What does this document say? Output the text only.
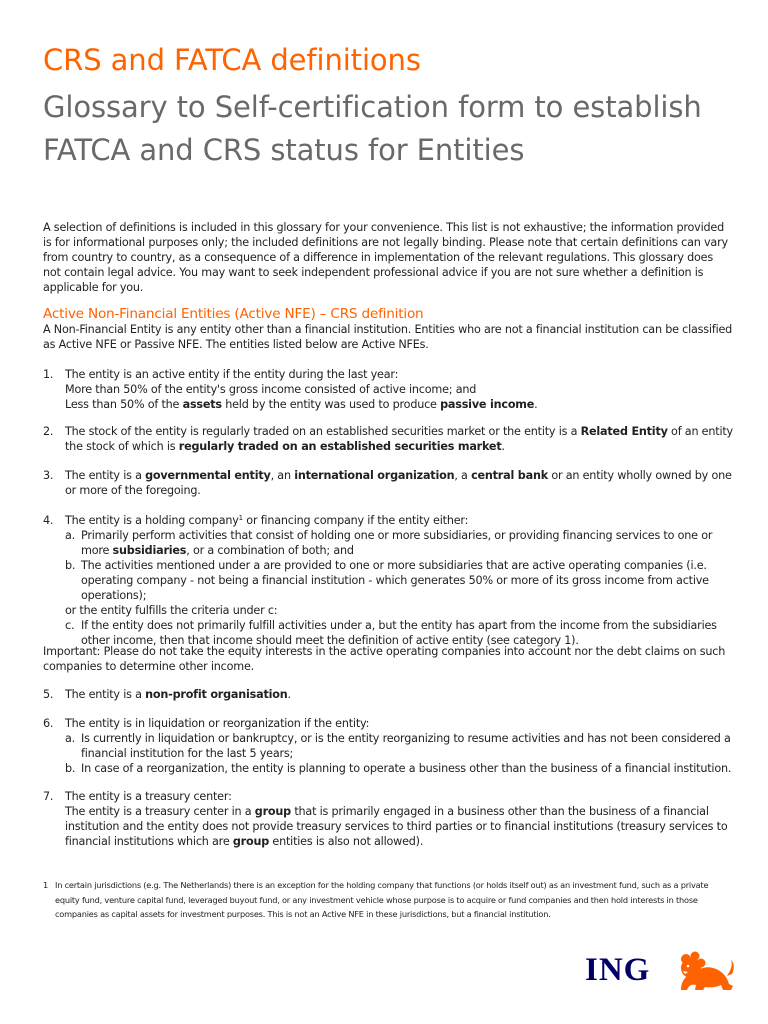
CRS and FATCA definitions
Glossary to Self-certification form to establish FATCA and CRS status for Entities
A selection of definitions is included in this glossary for your convenience. This list is not exhaustive; the information provided is for informational purposes only; the included definitions are not legally binding. Please note that certain definitions can vary from country to country, as a consequence of a difference in implementation of the relevant regulations. This glossary does not contain legal advice. You may want to seek independent professional advice if you are not sure whether a definition is applicable for you.
Active Non-Financial Entities (Active NFE) – CRS definition
A Non-Financial Entity is any entity other than a financial institution. Entities who are not a financial institution can be classified as Active NFE or Passive NFE. The entities listed below are Active NFEs.
1. The entity is an active entity if the entity during the last year:
More than 50% of the entity's gross income consisted of active income; and
Less than 50% of the assets held by the entity was used to produce passive income.
2. The stock of the entity is regularly traded on an established securities market or the entity is a Related Entity of an entity the stock of which is regularly traded on an established securities market.
3. The entity is a governmental entity, an international organization, a central bank or an entity wholly owned by one or more of the foregoing.
4. The entity is a holding company$^1$ or financing company if the entity either:
a. Primarily perform activities that consist of holding one or more subsidiaries, or providing financing services to one or more subsidiaries, or a combination of both; and
b. The activities mentioned under a are provided to one or more subsidiaries that are active operating companies (i.e. operating company - not being a financial institution - which generates 50% or more of its gross income from active operations);
or the entity fulfills the criteria under c:
c. If the entity does not primarily fulfill activities under a, but the entity has apart from the income from the subsidiaries other income, then that income should meet the definition of active entity (see category 1).
Important: Please do not take the equity interests in the active operating companies into account nor the debt claims on such companies to determine other income.
5. The entity is a non-profit organisation.
6. The entity is in liquidation or reorganization if the entity:
a. Is currently in liquidation or bankruptcy, or is the entity reorganizing to resume activities and has not been considered a financial institution for the last 5 years;
b. In case of a reorganization, the entity is planning to operate a business other than the business of a financial institution.
7. The entity is a treasury center:
The entity is a treasury center in a group that is primarily engaged in a business other than the business of a financial institution and the entity does not provide treasury services to third parties or to financial institutions (treasury services to financial institutions which are group entities is also not allowed).
1 In certain jurisdictions (e.g. The Netherlands) there is an exception for the holding company that functions (or holds itself out) as an investment fund, such as a private equity fund, venture capital fund, leveraged buyout fund, or any investment vehicle whose purpose is to acquire or fund companies and then hold interests in those companies as capital assets for investment purposes. This is not an Active NFE in these jurisdictions, but a financial institution.
ING
